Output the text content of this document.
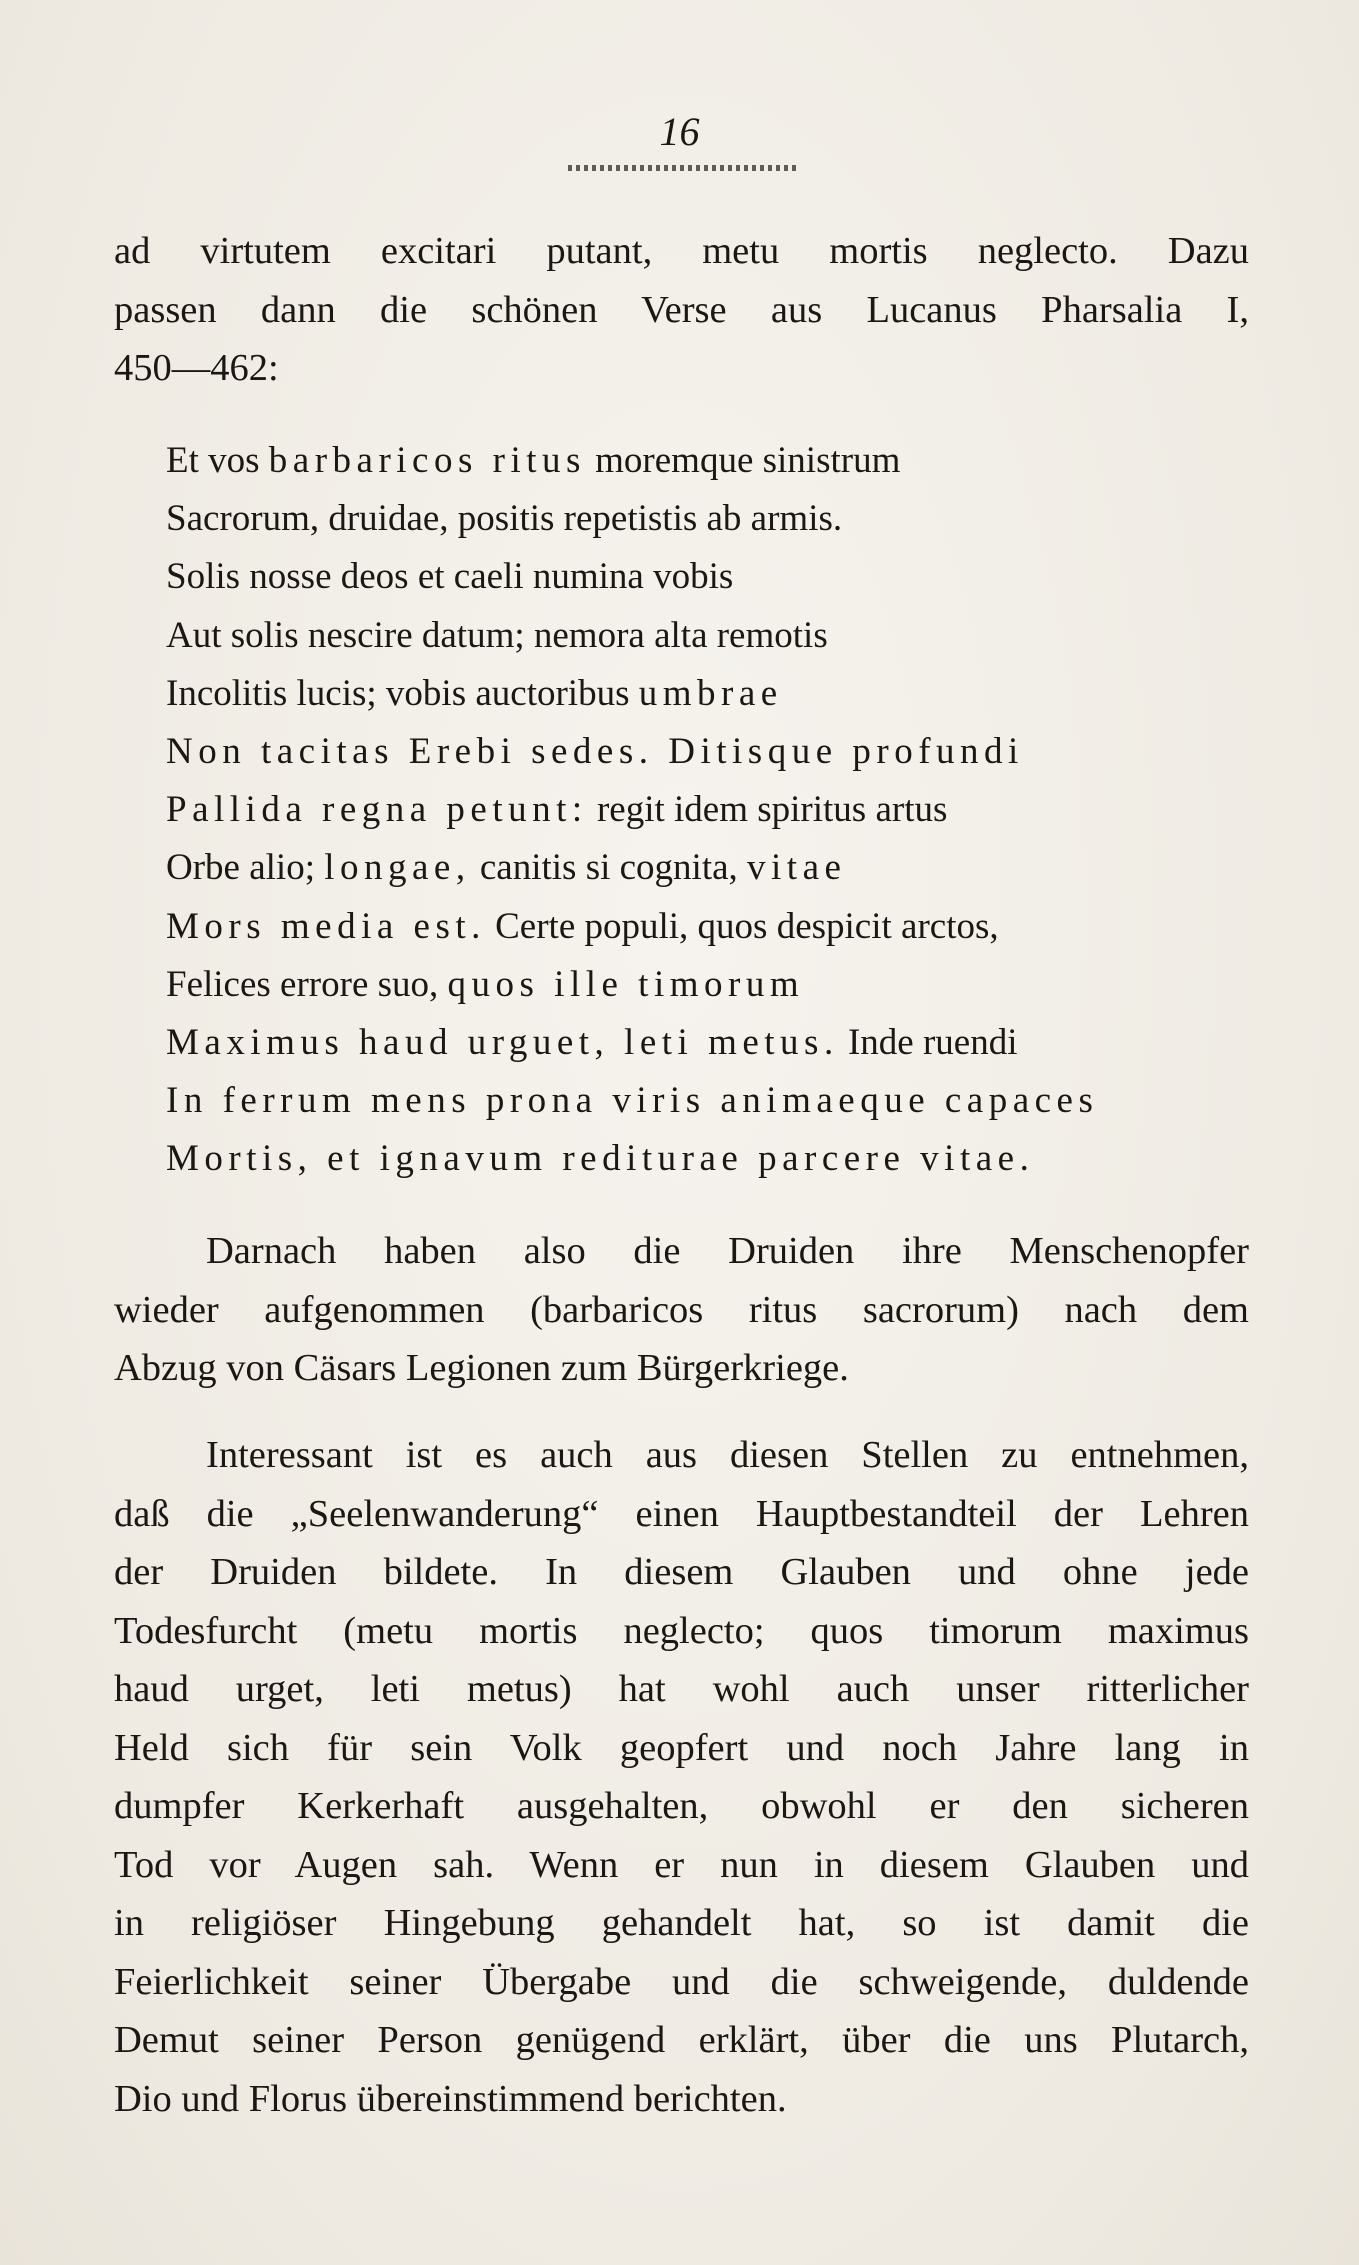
16
ad virtutem excitari putant, metu mortis neglecto. Dazu
passen dann die schönen Verse aus Lucanus Pharsalia I,
450—462:
Et vos barbaricos ritus moremque sinistrum
Sacrorum, druidae, positis repetistis ab armis.
Solis nosse deos et caeli numina vobis
Aut solis nescire datum; nemora alta remotis
Incolitis lucis; vobis auctoribus umbrae
Non tacitas Erebi sedes. Ditisque profundi
Pallida regna petunt: regit idem spiritus artus
Orbe alio; longae, canitis si cognita, vitae
Mors media est. Certe populi, quos despicit arctos,
Felices errore suo, quos ille timorum
Maximus haud urguet, leti metus. Inde ruendi
In ferrum mens prona viris animaeque capaces
Mortis, et ignavum rediturae parcere vitae.
Darnach haben also die Druiden ihre Menschenopfer
wieder aufgenommen (barbaricos ritus sacrorum) nach dem
Abzug von Cäsars Legionen zum Bürgerkriege.
Interessant ist es auch aus diesen Stellen zu entnehmen,
daß die „Seelenwanderung“ einen Hauptbestandteil der Lehren
der Druiden bildete. In diesem Glauben und ohne jede
Todesfurcht (metu mortis neglecto; quos timorum maximus
haud urget, leti metus) hat wohl auch unser ritterlicher
Held sich für sein Volk geopfert und noch Jahre lang in
dumpfer Kerkerhaft ausgehalten, obwohl er den sicheren
Tod vor Augen sah. Wenn er nun in diesem Glauben und
in religiöser Hingebung gehandelt hat, so ist damit die
Feierlichkeit seiner Übergabe und die schweigende, duldende
Demut seiner Person genügend erklärt, über die uns Plutarch,
Dio und Florus übereinstimmend berichten.
